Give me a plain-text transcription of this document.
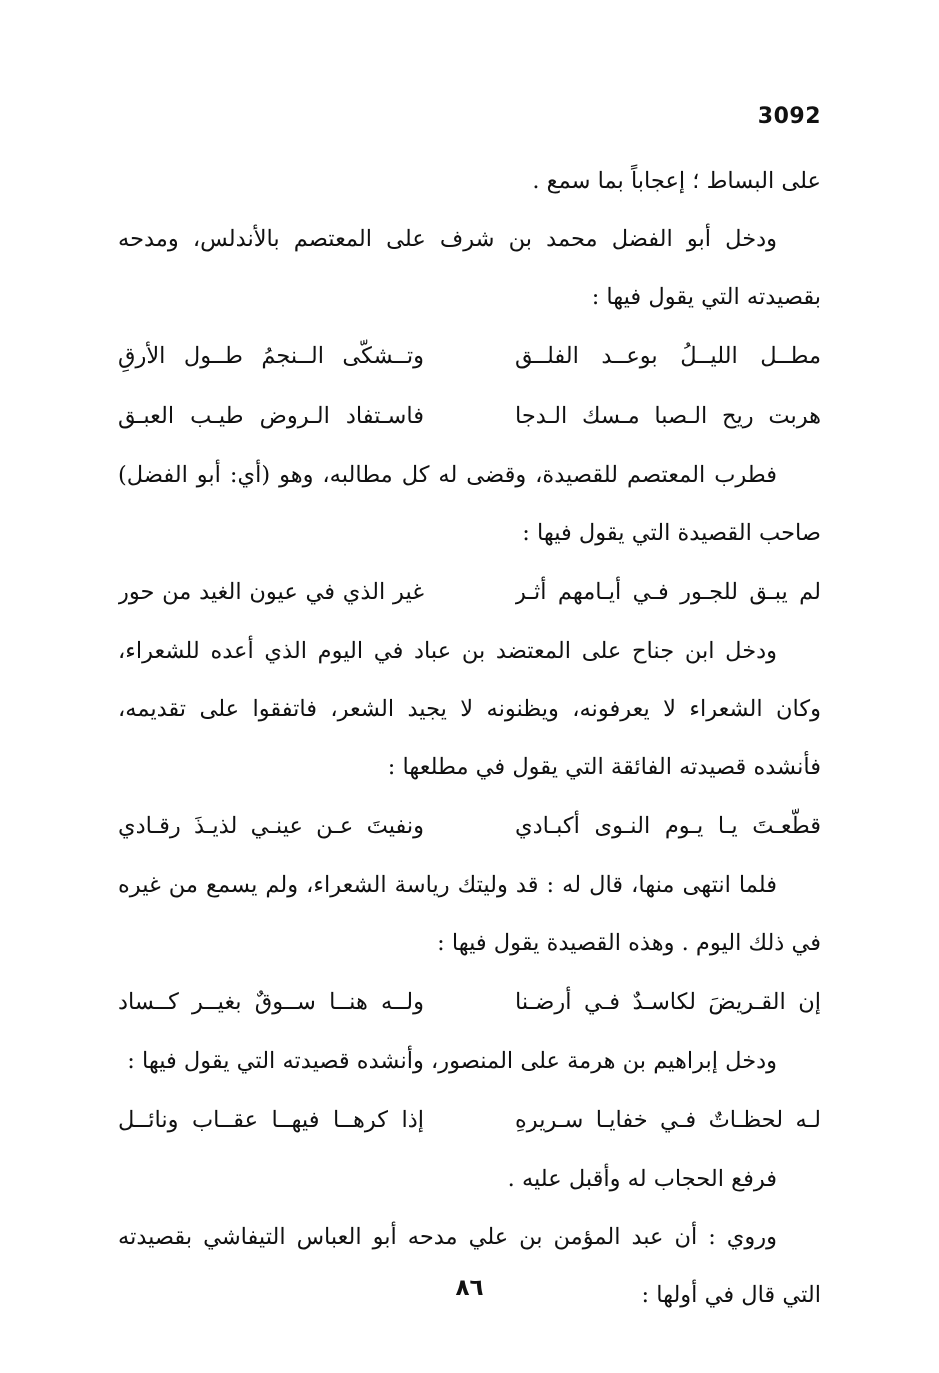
3092

على البساط ؛ إعجاباً بما سمع .

ودخل أبو الفضل محمد بن شرف على المعتصم بالأندلس، ومدحه بقصيدته التي يقول فيها :

مطــل الليــلُ بوعــد الفلــق
وتــشكّى الــنجمُ طــول الأرقِ
هربت ريح الـصبا مـسك الـدجا
فاسـتفاد الـروض طيـب العبـق

فطرب المعتصم للقصيدة، وقضى له كل مطالبه، وهو (أي: أبو الفضل) صاحب القصيدة التي يقول فيها :

لم يبـق للجـور فـي أيـامهم أثـر
غير الذي في عيون الغيد من حور

ودخل ابن جناح على المعتضد بن عباد في اليوم الذي أعده للشعراء، وكان الشعراء لا يعرفونه، ويظنونه لا يجيد الشعر، فاتفقوا على تقديمه، فأنشده قصيدته الفائقة التي يقول في مطلعها :

قطّعـتَ يـا يـوم النـوى أكبـادي
ونفيتَ عـن عينـي لذيـذَ رقـادي

فلما انتهى منها، قال له : قد وليتك رياسة الشعراء، ولم يسمع من غيره في ذلك اليوم . وهذه القصيدة يقول فيها :

إن القـريضَ لكاسـدٌ فـي أرضـنا
ولــه هنــا ســوقٌ بغيــر كــساد

ودخل إبراهيم بن هرمة على المنصور، وأنشده قصيدته التي يقول فيها :

لـه لحظـاتٌ فـي خفايـا سـريرهِ
إذا كرهــا فيهــا عقــاب ونائــل

فرفع الحجاب له وأقبل عليه .

وروي : أن عبد المؤمن بن علي مدحه أبو العباس التيفاشي بقصيدته التي قال في أولها :

٨٦
